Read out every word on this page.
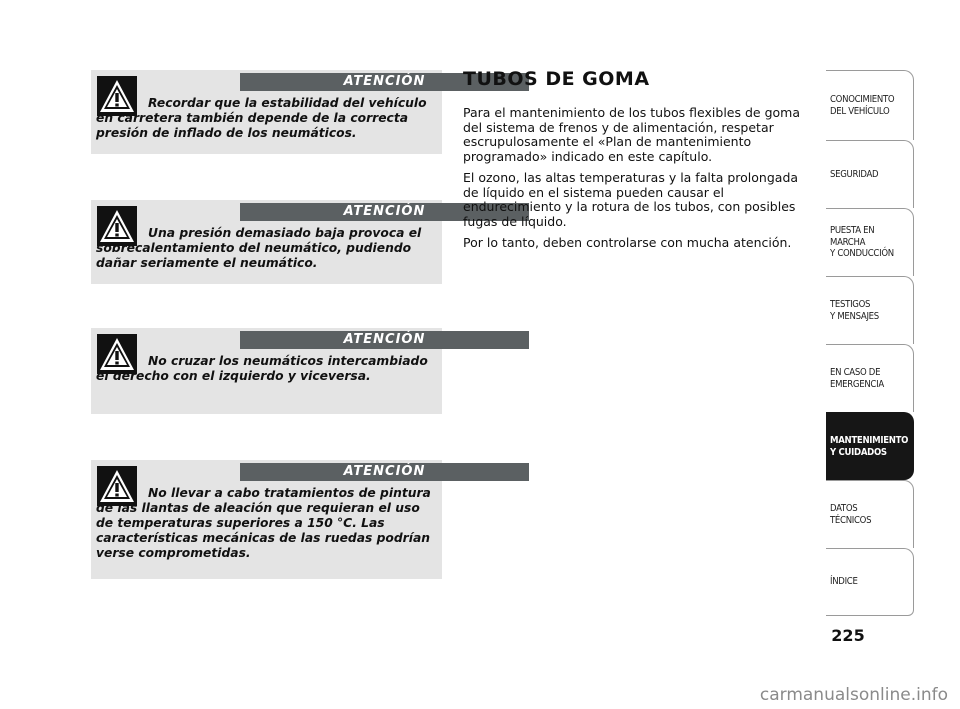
ATENCIÓN
Recordar que la estabilidad del vehículo en carretera también depende de la correcta presión de inflado de los neumáticos.
ATENCIÓN
Una presión demasiado baja provoca el sobrecalentamiento del neumático, pudiendo dañar seriamente el neumático.
ATENCIÓN
No cruzar los neumáticos intercambiado el derecho con el izquierdo y viceversa.
ATENCIÓN
No llevar a cabo tratamientos de pintura de las llantas de aleación que requieran el uso de temperaturas superiores a 150 °C. Las características mecánicas de las ruedas podrían verse comprometidas.
TUBOS DE GOMA

Para el mantenimiento de los tubos flexibles de goma del sistema de frenos y de alimentación, respetar escrupulosamente el «Plan de mantenimiento programado» indicado en este capítulo.

El ozono, las altas temperaturas y la falta prolongada de líquido en el sistema pueden causar el endurecimiento y la rotura de los tubos, con posibles fugas de líquido.

Por lo tanto, deben controlarse con mucha atención.

CONOCIMIENTO
DEL VEHÍCULO
SEGURIDAD
PUESTA EN
MARCHA
Y CONDUCCIÓN
TESTIGOS
Y MENSAJES
EN CASO DE
EMERGENCIA
MANTENIMIENTO
Y CUIDADOS
DATOS
TÉCNICOS
ÍNDICE
225
carmanualsonline.info
